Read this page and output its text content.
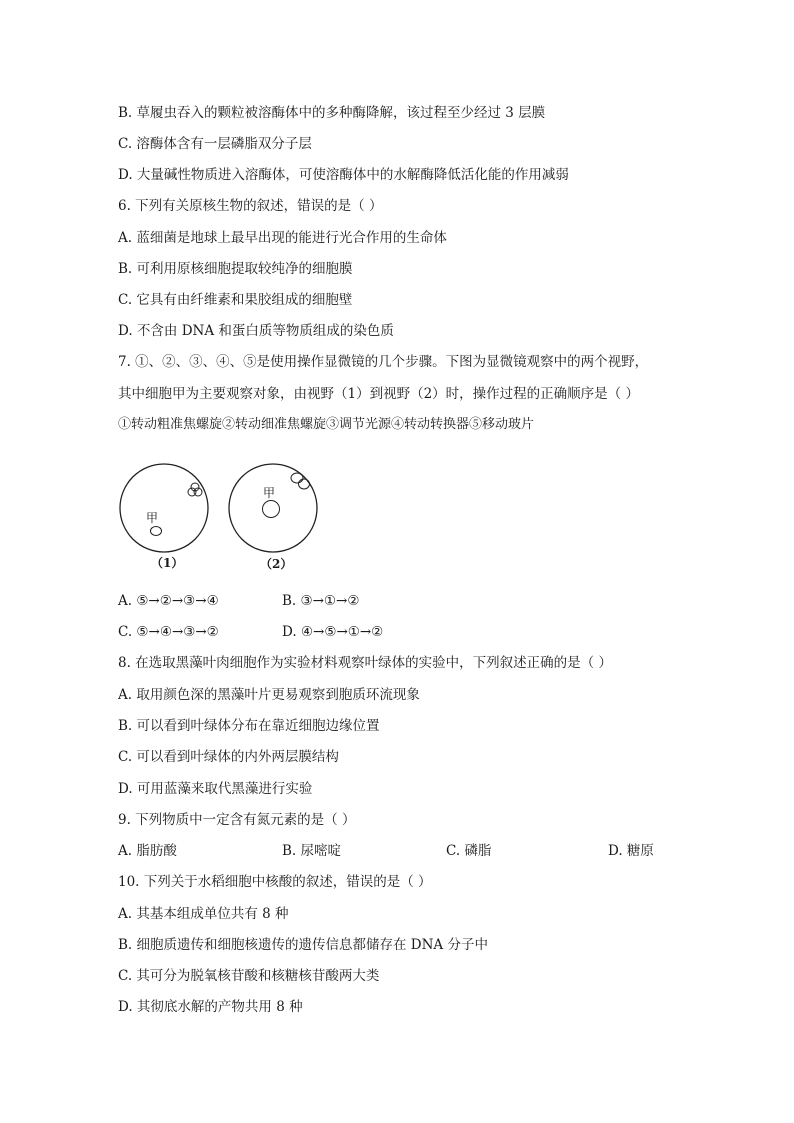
B. 草履虫吞入的颗粒被溶酶体中的多种酶降解，该过程至少经过 3 层膜
C. 溶酶体含有一层磷脂双分子层
D. 大量碱性物质进入溶酶体，可使溶酶体中的水解酶降低活化能的作用减弱
6. 下列有关原核生物的叙述，错误的是（ ）
A. 蓝细菌是地球上最早出现的能进行光合作用的生命体
B. 可利用原核细胞提取较纯净的细胞膜
C. 它具有由纤维素和果胶组成的细胞壁
D. 不含由 DNA 和蛋白质等物质组成的染色质
7. ①、②、③、④、⑤是使用操作显微镜的几个步骤。下图为显微镜观察中的两个视野，
其中细胞甲为主要观察对象，由视野（1）到视野（2）时，操作过程的正确顺序是（ ）
①转动粗准焦螺旋②转动细准焦螺旋③调节光源④转动转换器⑤移动玻片
甲
甲
（1）	（2）
A. ⑤→②→③→④	B. ③→①→②
C. ⑤→④→③→②	D. ④→⑤→①→②
8. 在选取黑藻叶肉细胞作为实验材料观察叶绿体的实验中，下列叙述正确的是（ ）
A. 取用颜色深的黑藻叶片更易观察到胞质环流现象
B. 可以看到叶绿体分布在靠近细胞边缘位置
C. 可以看到叶绿体的内外两层膜结构
D. 可用蓝藻来取代黑藻进行实验
9. 下列物质中一定含有氮元素的是（ ）
A. 脂肪酸	B. 尿嘧啶	C. 磷脂	D. 糖原
10. 下列关于水稻细胞中核酸的叙述，错误的是（ ）
A. 其基本组成单位共有 8 种
B. 细胞质遗传和细胞核遗传的遗传信息都储存在 DNA 分子中
C. 其可分为脱氧核苷酸和核糖核苷酸两大类
D. 其彻底水解的产物共用 8 种
